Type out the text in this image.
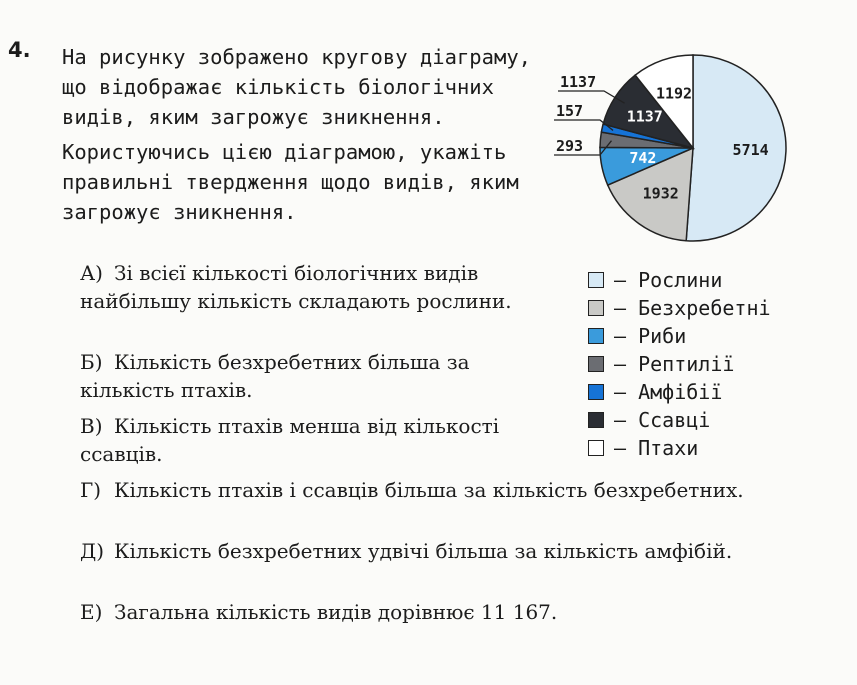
4. На рисунку зображено кругову діаграму, що відображає кількість біологічних видів, яким загрожує зникнення.

Користуючись цією діаграмою, укажіть правильні твердження щодо видів, яким загрожує зникнення.

А) Зі всієї кількості біологічних видів найбільшу кількість складають рослини.
Б) Кількість безхребетних більша за кількість птахів.
В) Кількість птахів менша від кількості ссавців.
Г) Кількість птахів і ссавців більша за кількість безхребетних.
Д) Кількість безхребетних удвічі більша за кількість амфібій.
Е) Загальна кількість видів дорівнює 11 167.
5714
1932
742
1137
1192
293
157
1137
— Рослини
— Безхребетні
— Риби
— Рептилії
— Амфібії
— Ссавці
— Птахи
